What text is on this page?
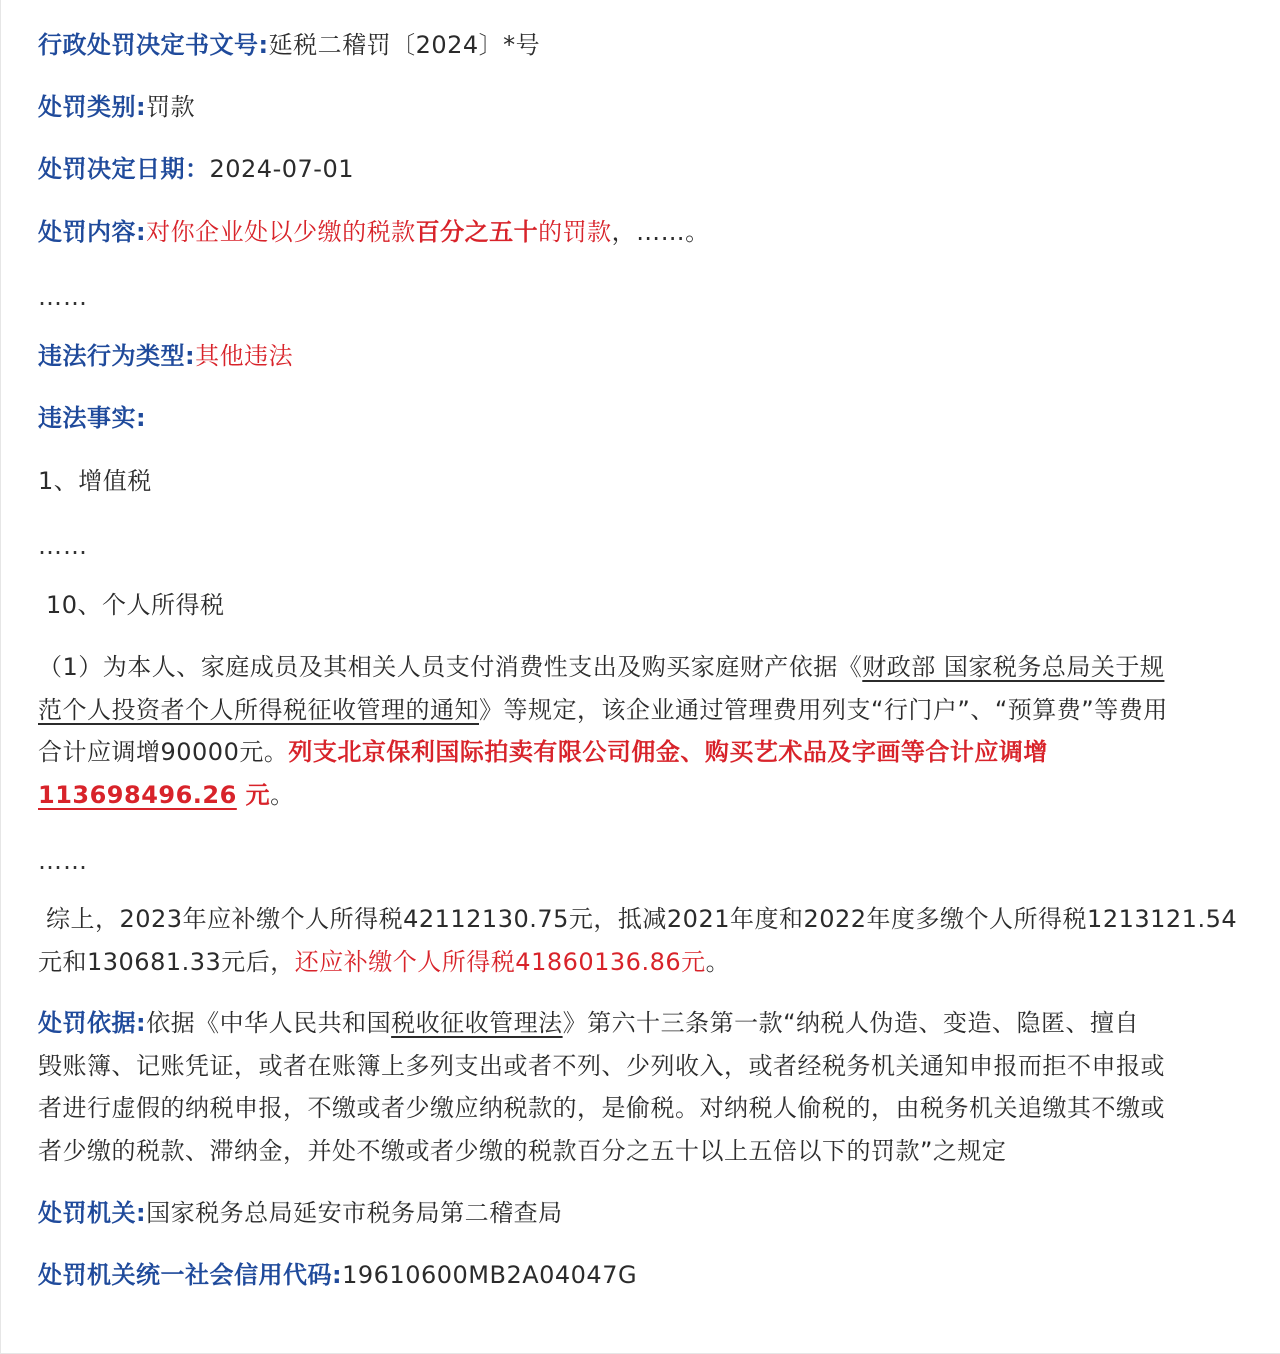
行政处罚决定书文号:延税二稽罚〔2024〕*号
处罚类别:罚款
处罚决定日期：2024-07-01
处罚内容:对你企业处以少缴的税款百分之五十的罚款，……。
……
违法行为类型:其他违法
违法事实:
1、增值税
……
10、个人所得税
（1）为本人、家庭成员及其相关人员支付消费性支出及购买家庭财产依据《财政部 国家税务总局关于规
范个人投资者个人所得税征收管理的通知》等规定，该企业通过管理费用列支“行门户”、“预算费”等费用
合计应调增90000元。列支北京保利国际拍卖有限公司佣金、购买艺术品及字画等合计应调增
113698496.26 元。
……
综上，2023年应补缴个人所得税42112130.75元，抵减2021年度和2022年度多缴个人所得税1213121.54
元和130681.33元后，还应补缴个人所得税41860136.86元。
处罚依据:依据《中华人民共和国税收征收管理法》第六十三条第一款“纳税人伪造、变造、隐匿、擅自
毁账簿、记账凭证，或者在账簿上多列支出或者不列、少列收入，或者经税务机关通知申报而拒不申报或
者进行虚假的纳税申报，不缴或者少缴应纳税款的，是偷税。对纳税人偷税的，由税务机关追缴其不缴或
者少缴的税款、滞纳金，并处不缴或者少缴的税款百分之五十以上五倍以下的罚款”之规定
处罚机关:国家税务总局延安市税务局第二稽查局
处罚机关统一社会信用代码:19610600MB2A04047G
